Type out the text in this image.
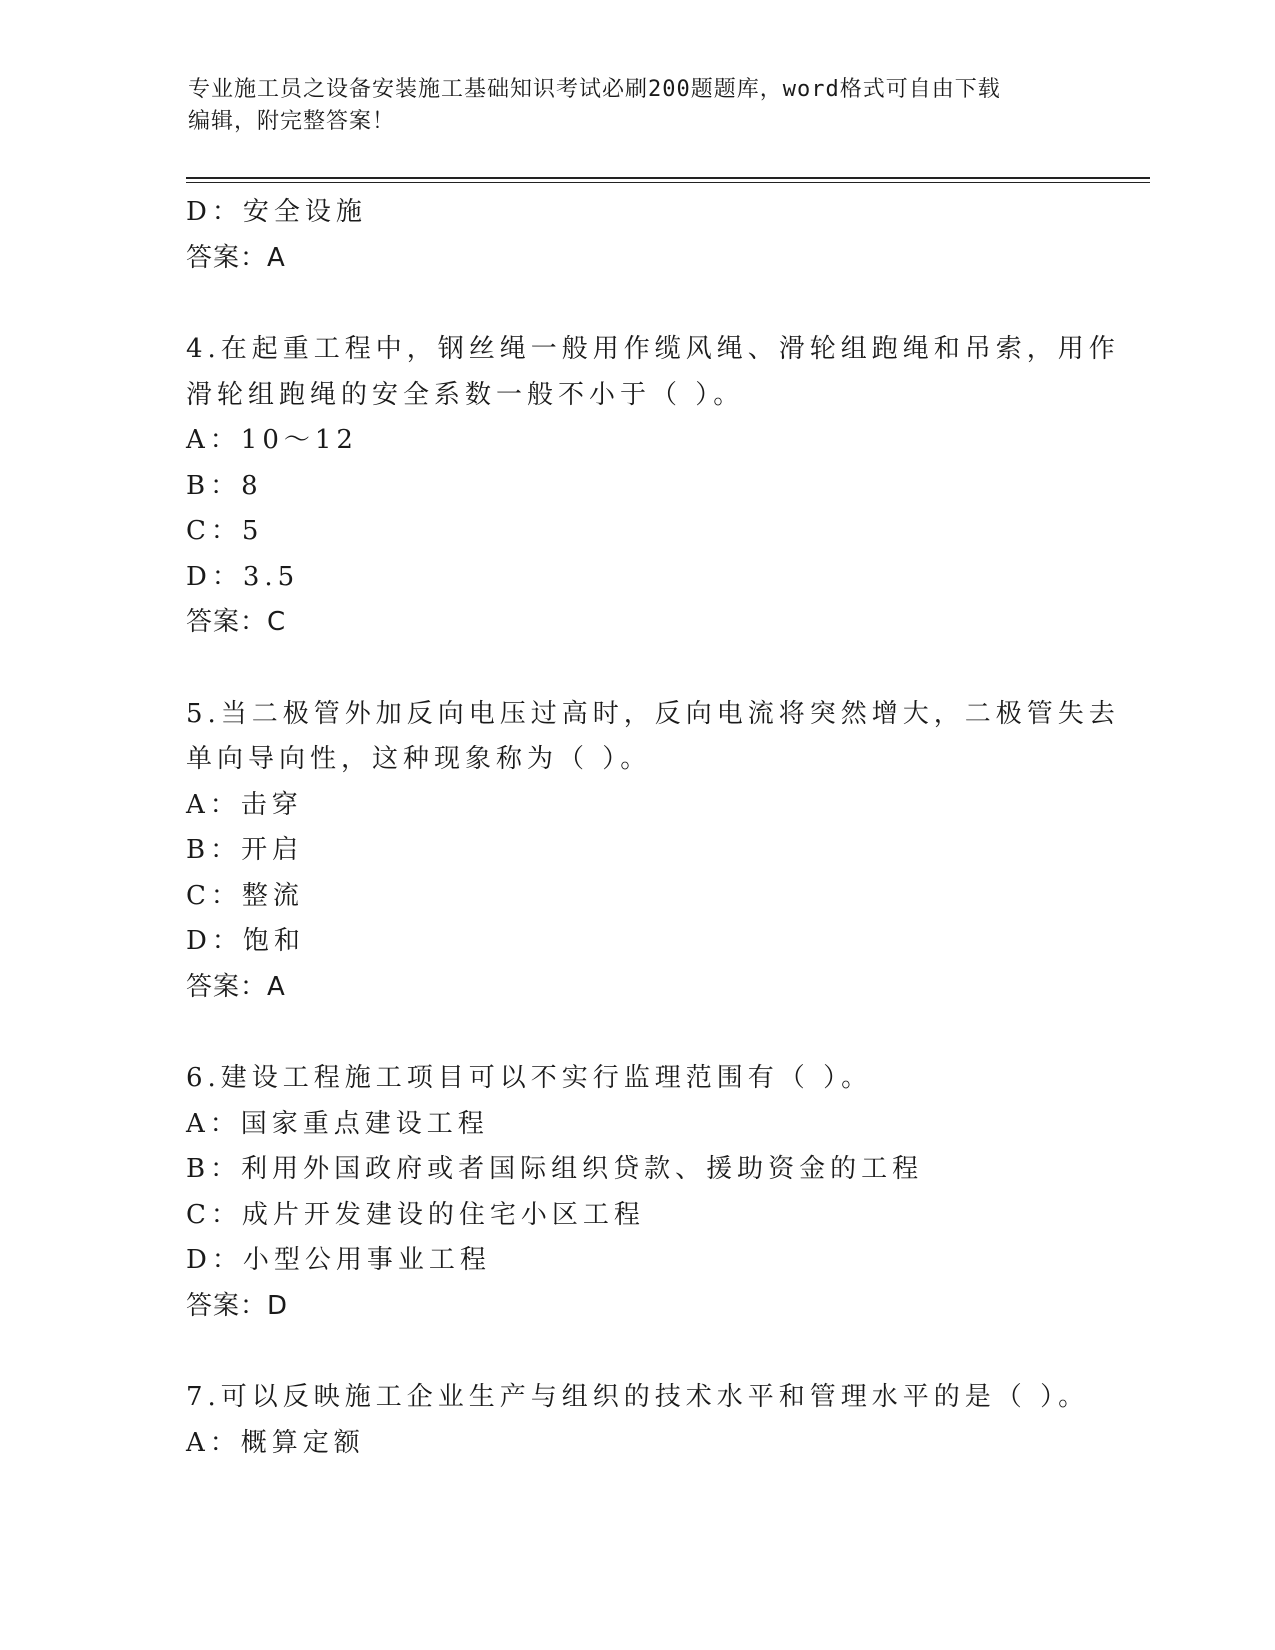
专业施工员之设备安装施工基础知识考试必刷200题题库，word格式可自由下载
编辑，附完整答案！
D：安全设施
答案：A
4.在起重工程中，钢丝绳一般用作缆风绳、滑轮组跑绳和吊索，用作
滑轮组跑绳的安全系数一般不小于（ ）。
A：10～12
B：8
C：5
D：3.5
答案：C
5.当二极管外加反向电压过高时，反向电流将突然增大，二极管失去
单向导向性，这种现象称为（ ）。
A：击穿
B：开启
C：整流
D：饱和
答案：A
6.建设工程施工项目可以不实行监理范围有（ ）。
A：国家重点建设工程
B：利用外国政府或者国际组织贷款、援助资金的工程
C：成片开发建设的住宅小区工程
D：小型公用事业工程
答案：D
7.可以反映施工企业生产与组织的技术水平和管理水平的是（ ）。
A：概算定额
